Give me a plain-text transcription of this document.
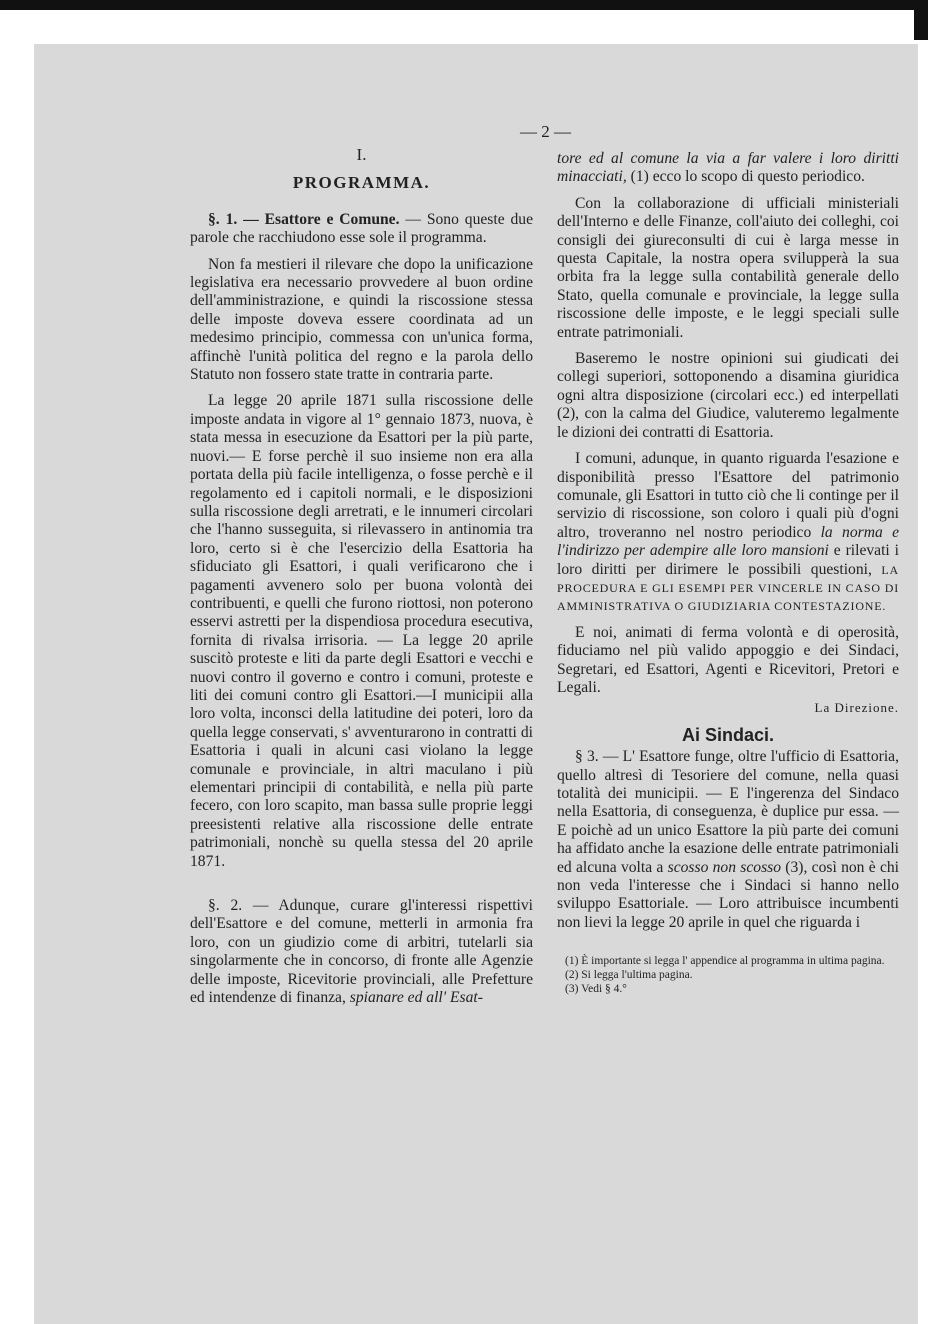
— 2 —
I.
PROGRAMMA.

§. 1. — Esattore e Comune. — Sono queste due parole che racchiudono esse sole il programma.

Non fa mestieri il rilevare che dopo la unificazione legislativa era necessario provvedere al buon ordine dell'amministrazione, e quindi la riscossione stessa delle imposte doveva essere coordinata ad un medesimo principio, commessa con un'unica forma, affinchè l'unità politica del regno e la parola dello Statuto non fossero state tratte in contraria parte.

La legge 20 aprile 1871 sulla riscossione delle imposte andata in vigore al 1° gennaio 1873, nuova, è stata messa in esecuzione da Esattori per la più parte, nuovi.— E forse perchè il suo insieme non era alla portata della più facile intelligenza, o fosse perchè e il regolamento ed i capitoli normali, e le disposizioni sulla riscossione degli arretrati, e le innumeri circolari che l'hanno susseguita, si rilevassero in antinomia tra loro, certo si è che l'esercizio della Esattoria ha sfiduciato gli Esattori, i quali verificarono che i pagamenti avvenero solo per buona volontà dei contribuenti, e quelli che furono riottosi, non poterono esservi astretti per la dispendiosa procedura esecutiva, fornita di rivalsa irrisoria. — La legge 20 aprile suscitò proteste e liti da parte degli Esattori e vecchi e nuovi contro il governo e contro i comuni, proteste e liti dei comuni contro gli Esattori.—I municipii alla loro volta, inconsci della latitudine dei poteri, loro da quella legge conservati, s' avventurarono in contratti di Esattoria i quali in alcuni casi violano la legge comunale e provinciale, in altri maculano i più elementari principii di contabilità, e nella più parte fecero, con loro scapito, man bassa sulle proprie leggi preesistenti relative alla riscossione delle entrate patrimoniali, nonchè su quella stessa del 20 aprile 1871.

§. 2. — Adunque, curare gl'interessi rispettivi dell'Esattore e del comune, metterli in armonia fra loro, con un giudizio come di arbitri, tutelarli sia singolarmente che in concorso, di fronte alle Agenzie delle imposte, Ricevitorie provinciali, alle Prefetture ed intendenze di finanza, spianare ed all' Esat-

tore ed al comune la via a far valere i loro diritti minacciati, (1) ecco lo scopo di questo periodico.

Con la collaborazione di ufficiali ministeriali dell'Interno e delle Finanze, coll'aiuto dei colleghi, coi consigli dei giureconsulti di cui è larga messe in questa Capitale, la nostra opera svilupperà la sua orbita fra la legge sulla contabilità generale dello Stato, quella comunale e provinciale, la legge sulla riscossione delle imposte, e le leggi speciali sulle entrate patrimoniali.

Baseremo le nostre opinioni sui giudicati dei collegi superiori, sottoponendo a disamina giuridica ogni altra disposizione (circolari ecc.) ed interpellati (2), con la calma del Giudice, valuteremo legalmente le dizioni dei contratti di Esattoria.

I comuni, adunque, in quanto riguarda l'esazione e disponibilità presso l'Esattore del patrimonio comunale, gli Esattori in tutto ciò che li continge per il servizio di riscossione, son coloro i quali più d'ogni altro, troveranno nel nostro periodico la norma e l'indirizzo per adempire alle loro mansioni e rilevati i loro diritti per dirimere le possibili questioni, LA PROCEDURA E GLI ESEMPI PER VINCERLE IN CASO DI AMMINISTRATIVA O GIUDIZIARIA CONTESTAZIONE.

E noi, animati di ferma volontà e di operosità, fiduciamo nel più valido appoggio e dei Sindaci, Segretari, ed Esattori, Agenti e Ricevitori, Pretori e Legali.

La Direzione.
Ai Sindaci.

§ 3. — L' Esattore funge, oltre l'ufficio di Esattoria, quello altresì di Tesoriere del comune, nella quasi totalità dei municipii. — E l'ingerenza del Sindaco nella Esattoria, di conseguenza, è duplice pur essa. — E poichè ad un unico Esattore la più parte dei comuni ha affidato anche la esazione delle entrate patrimoniali ed alcuna volta a scosso non scosso (3), così non è chi non veda l'interesse che i Sindaci si hanno nello sviluppo Esattoriale. — Loro attribuisce incumbenti non lievi la legge 20 aprile in quel che riguarda i

(1) È importante si legga l' appendice al programma in ultima pagina.
(2) Si legga l'ultima pagina.
(3) Vedi § 4.°
